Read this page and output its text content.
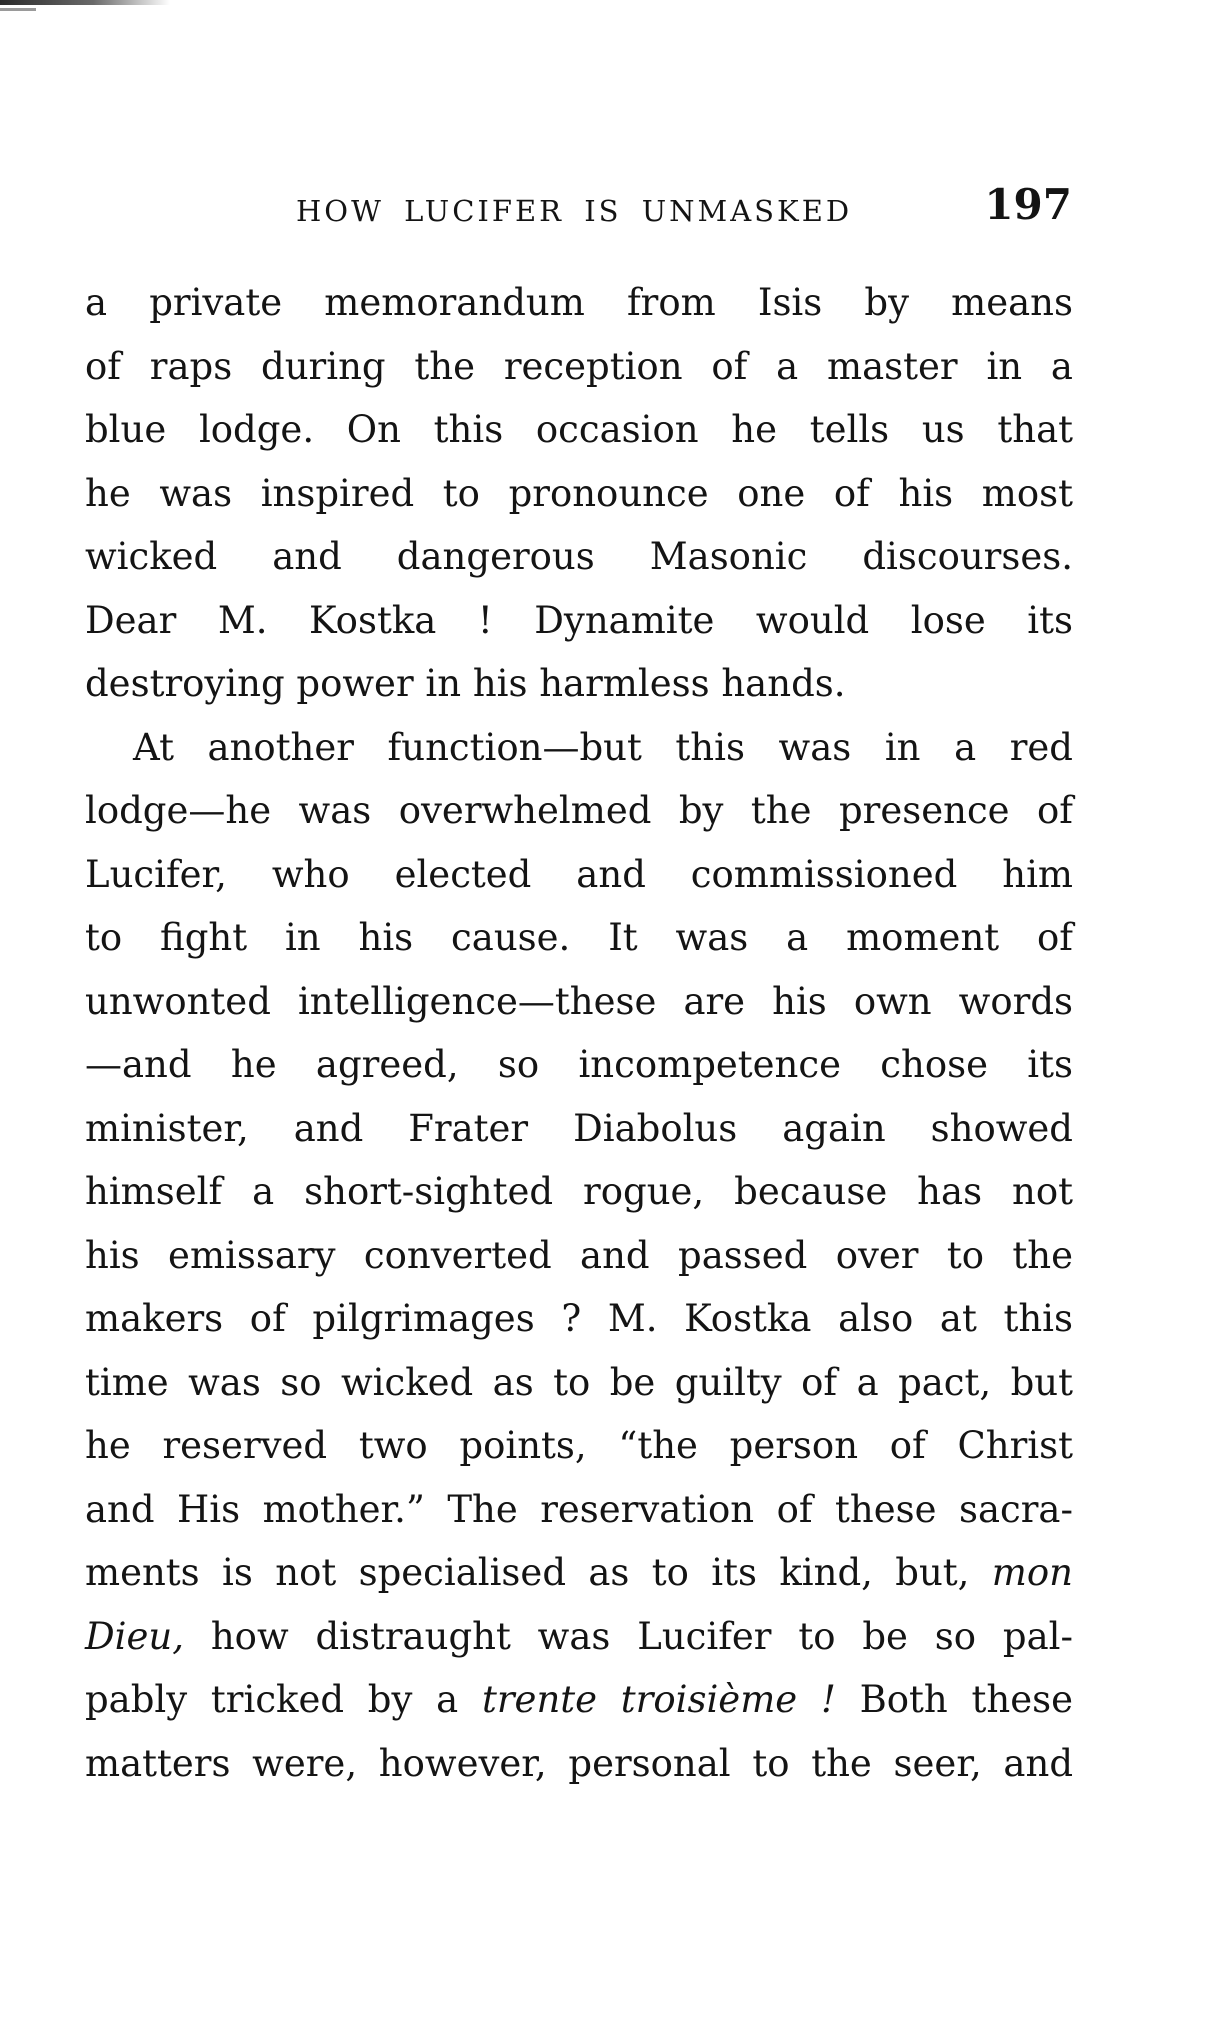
HOW LUCIFER IS UNMASKED	197
a private memorandum from Isis by means
of raps during the reception of a master in a
blue lodge. On this occasion he tells us that
he was inspired to pronounce one of his most
wicked and dangerous Masonic discourses.
Dear M. Kostka ! Dynamite would lose its
destroying power in his harmless hands.
At another function—but this was in a red
lodge—he was overwhelmed by the presence of
Lucifer, who elected and commissioned him
to fight in his cause. It was a moment of
unwonted intelligence—these are his own words
—and he agreed, so incompetence chose its
minister, and Frater Diabolus again showed
himself a short-sighted rogue, because has not
his emissary converted and passed over to the
makers of pilgrimages ? M. Kostka also at this
time was so wicked as to be guilty of a pact, but
he reserved two points, “the person of Christ
and His mother.” The reservation of these sacra-
ments is not specialised as to its kind, but, mon
Dieu, how distraught was Lucifer to be so pal-
pably tricked by a trente troisième ! Both these
matters were, however, personal to the seer, and
